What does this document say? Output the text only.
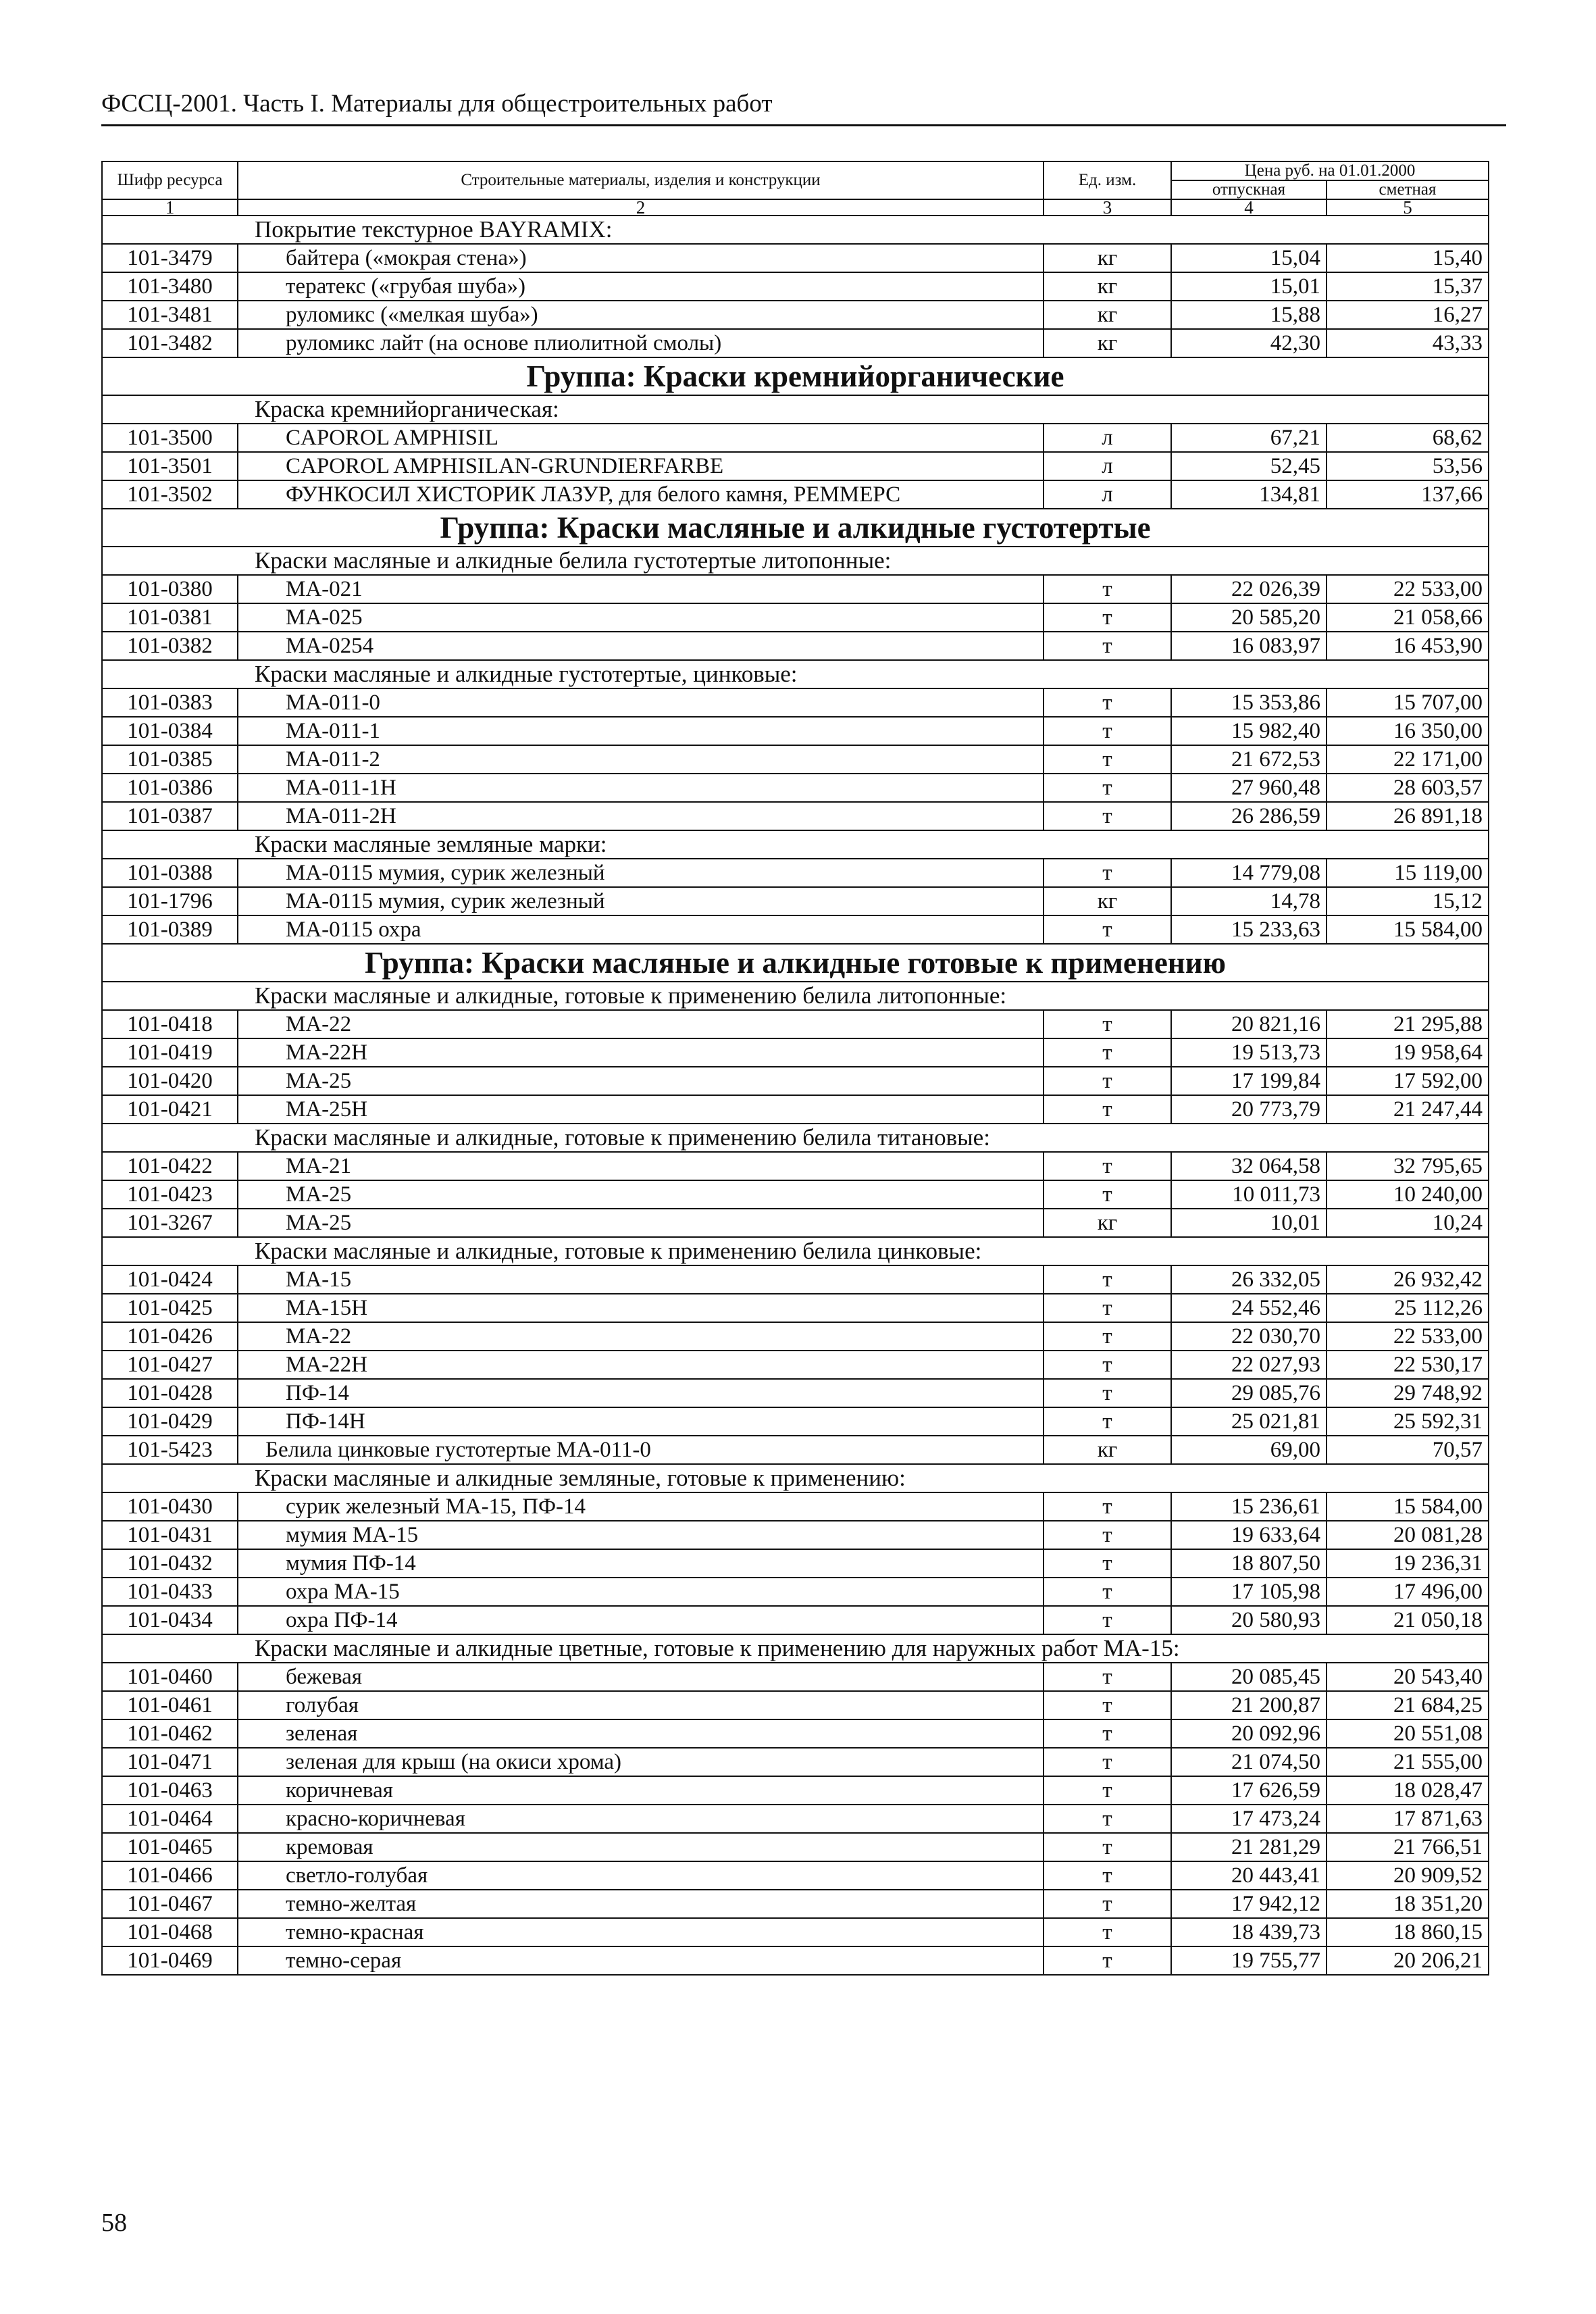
ФССЦ-2001. Часть I. Материалы для общестроительных работ
Шифр ресурса	Строительные материалы, изделия и конструкции	Ед. изм.	Цена руб. на 01.01.2000	
			отпускная	сметная
1	2	3	4	5
Покрытие текстурное BAYRAMIX:				
101-3479	байтера («мокрая стена»)	кг	15,04	15,40
101-3480	тератекс («грубая шуба»)	кг	15,01	15,37
101-3481	руломикс («мелкая шуба»)	кг	15,88	16,27
101-3482	руломикс лайт (на основе плиолитной смолы)	кг	42,30	43,33
Группа: Краски кремнийорганические				
Краска кремнийорганическая:				
101-3500	CAPOROL AMPHISIL	л	67,21	68,62
101-3501	CAPOROL AMPHISILAN-GRUNDIERFARBE	л	52,45	53,56
101-3502	ФУНКОСИЛ ХИСТОРИК ЛАЗУР, для белого камня, РЕММЕРС	л	134,81	137,66
Группа: Краски масляные и алкидные густотертые				
Краски масляные и алкидные белила густотертые литопонные:				
101-0380	МА-021	т	22 026,39	22 533,00
101-0381	МА-025	т	20 585,20	21 058,66
101-0382	МА-0254	т	16 083,97	16 453,90
Краски масляные и алкидные густотертые, цинковые:				
101-0383	МА-011-0	т	15 353,86	15 707,00
101-0384	МА-011-1	т	15 982,40	16 350,00
101-0385	МА-011-2	т	21 672,53	22 171,00
101-0386	МА-011-1Н	т	27 960,48	28 603,57
101-0387	МА-011-2Н	т	26 286,59	26 891,18
Краски масляные земляные марки:				
101-0388	МА-0115 мумия, сурик железный	т	14 779,08	15 119,00
101-1796	МА-0115 мумия, сурик железный	кг	14,78	15,12
101-0389	МА-0115 охра	т	15 233,63	15 584,00
Группа: Краски масляные и алкидные готовые к применению				
Краски масляные и алкидные, готовые к применению белила литопонные:				
101-0418	МА-22	т	20 821,16	21 295,88
101-0419	МА-22Н	т	19 513,73	19 958,64
101-0420	МА-25	т	17 199,84	17 592,00
101-0421	МА-25Н	т	20 773,79	21 247,44
Краски масляные и алкидные, готовые к применению белила титановые:				
101-0422	МА-21	т	32 064,58	32 795,65
101-0423	МА-25	т	10 011,73	10 240,00
101-3267	МА-25	кг	10,01	10,24
Краски масляные и алкидные, готовые к применению белила цинковые:				
101-0424	МА-15	т	26 332,05	26 932,42
101-0425	МА-15Н	т	24 552,46	25 112,26
101-0426	МА-22	т	22 030,70	22 533,00
101-0427	МА-22Н	т	22 027,93	22 530,17
101-0428	ПФ-14	т	29 085,76	29 748,92
101-0429	ПФ-14Н	т	25 021,81	25 592,31
101-5423	Белила цинковые густотертые МА-011-0	кг	69,00	70,57
Краски масляные и алкидные земляные, готовые к применению:				
101-0430	сурик железный МА-15, ПФ-14	т	15 236,61	15 584,00
101-0431	мумия МА-15	т	19 633,64	20 081,28
101-0432	мумия ПФ-14	т	18 807,50	19 236,31
101-0433	охра МА-15	т	17 105,98	17 496,00
101-0434	охра ПФ-14	т	20 580,93	21 050,18
Краски масляные и алкидные цветные, готовые к применению для наружных работ МА-15:				
101-0460	бежевая	т	20 085,45	20 543,40
101-0461	голубая	т	21 200,87	21 684,25
101-0462	зеленая	т	20 092,96	20 551,08
101-0471	зеленая для крыш (на окиси хрома)	т	21 074,50	21 555,00
101-0463	коричневая	т	17 626,59	18 028,47
101-0464	красно-коричневая	т	17 473,24	17 871,63
101-0465	кремовая	т	21 281,29	21 766,51
101-0466	светло-голубая	т	20 443,41	20 909,52
101-0467	темно-желтая	т	17 942,12	18 351,20
101-0468	темно-красная	т	18 439,73	18 860,15
101-0469	темно-серая	т	19 755,77	20 206,21
58
